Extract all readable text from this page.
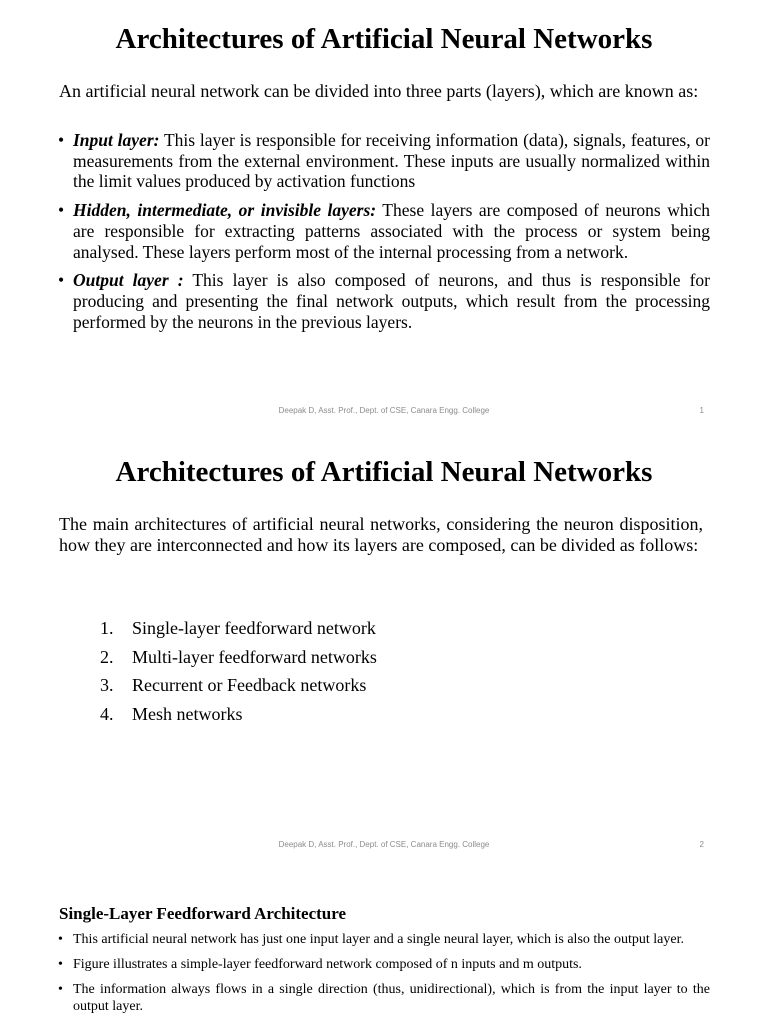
Architectures of Artificial Neural Networks

An artificial neural network can be divided into three parts (layers), which are known as:

• Input layer: This layer is responsible for receiving information (data), signals, features, or measurements from the external environment. These inputs are usually normalized within the limit values produced by activation functions
• Hidden, intermediate, or invisible layers: These layers are composed of neurons which are responsible for extracting patterns associated with the process or system being analysed. These layers perform most of the internal processing from a network.
• Output layer : This layer is also composed of neurons, and thus is responsible for producing and presenting the final network outputs, which result from the processing performed by the neurons in the previous layers.
Deepak D, Asst. Prof., Dept. of CSE, Canara Engg. College	1
Architectures of Artificial Neural Networks

The main architectures of artificial neural networks, considering the neuron disposition, how they are interconnected and how its layers are composed, can be divided as follows:

1. Single-layer feedforward network
2. Multi-layer feedforward networks
3. Recurrent or Feedback networks
4. Mesh networks
Deepak D, Asst. Prof., Dept. of CSE, Canara Engg. College	2
Single-Layer Feedforward Architecture
• This artificial neural network has just one input layer and a single neural layer, which is also the output layer.
• Figure illustrates a simple-layer feedforward network composed of n inputs and m outputs.
• The information always flows in a single direction (thus, unidirectional), which is from the input layer to the output layer.
